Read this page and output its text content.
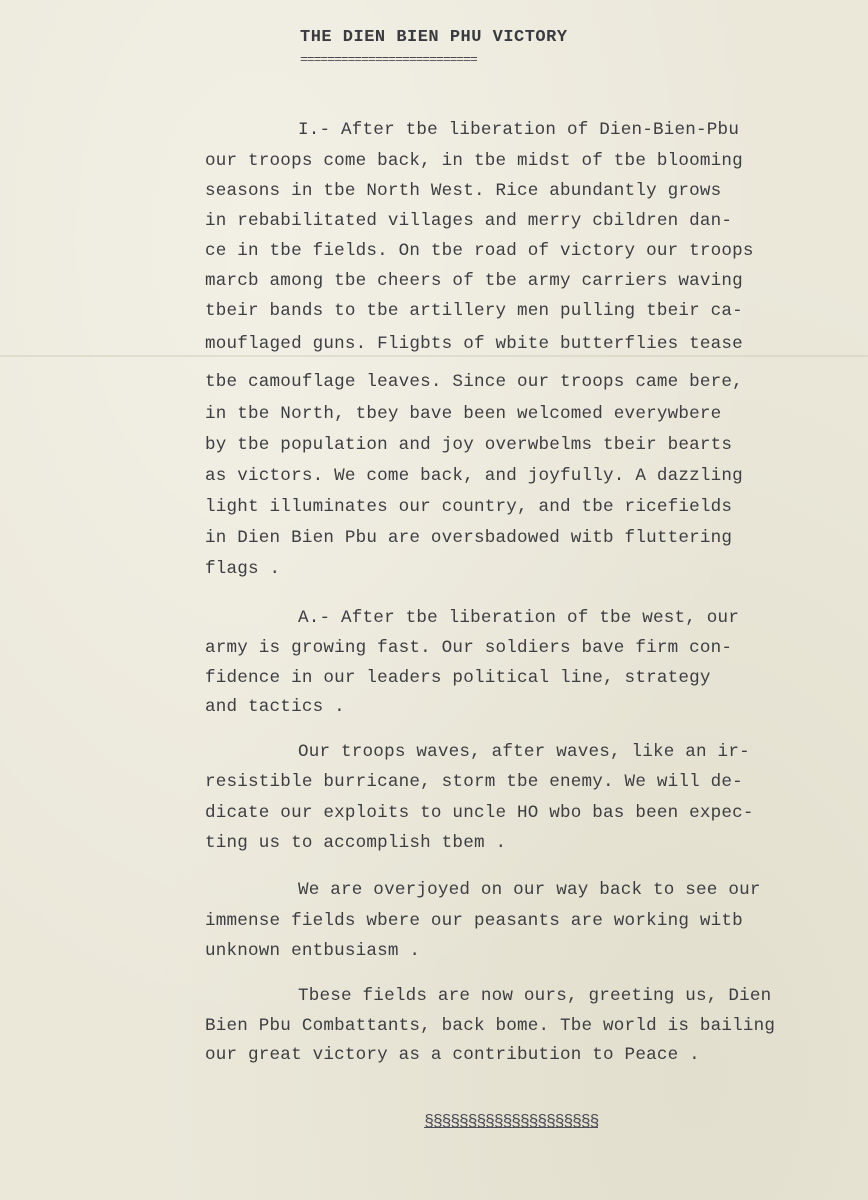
THE DIEN BIEN PHU VICTORY
==========================
I.- After tbe liberation of Dien-Bien-Pbu
our troops come back, in tbe midst of tbe blooming
seasons in tbe North West. Rice abundantly grows
in rebabilitated villages and merry cbildren dan-
ce in tbe fields. On tbe road of victory our troops
marcb among tbe cheers of tbe army carriers waving
tbeir bands to tbe artillery men pulling tbeir ca-
mouflaged guns. Fligbts of wbite butterflies tease
tbe camouflage leaves. Since our troops came bere,
in tbe North, tbey bave been welcomed everywbere
by tbe population and joy overwbelms tbeir bearts
as victors. We come back, and joyfully. A dazzling
light illuminates our country, and tbe ricefields
in Dien Bien Pbu are oversbadowed witb fluttering
flags .
A.- After tbe liberation of tbe west, our
army is growing fast. Our soldiers bave firm con-
fidence in our leaders political line, strategy
and tactics .
Our troops waves, after waves, like an ir-
resistible burricane, storm tbe enemy. We will de-
dicate our exploits to uncle HO wbo bas been expec-
ting us to accomplish tbem .
We are overjoyed on our way back to see our
immense fields wbere our peasants are working witb
unknown entbusiasm .
Tbese fields are now ours, greeting us, Dien
Bien Pbu Combattants, back bome. Tbe world is bailing
our great victory as a contribution to Peace .
§§§§§§§§§§§§§§§§§§§§
